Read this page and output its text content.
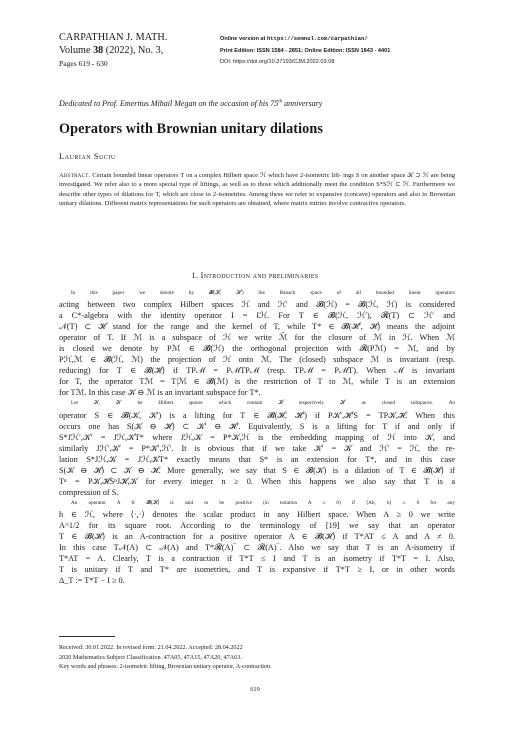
CARPATHIAN J. MATH.
Volume 38 (2022), No. 3,
Pages 619 - 630
Online version at https://semnul.com/carpathian/
Print Edition: ISSN 1584 - 2851; Online Edition: ISSN 1843 - 4401
DOI: https://doi.org/10.37193/CJM.2022.03.08
Dedicated to Prof. Emeritus Mihail Megan on the occasion of his 75th anniversary
Operators with Brownian unitary dilations
Laurian Suciu
Abstract. Certain bounded linear operators T on a complex Hilbert space ℋ which have 2-isometric lift- ings S on another space 𝒦 ⊃ ℋ are being investigated. We refer also to a more special type of liftings, as well as to those which additionally meet the condition S*Sℋ ⊂ ℋ. Furthermore we describe other types of dilations for T, which are close to 2-isometries. Among these we refer to expansive (concave) operators and also to Brownian unitary dilations. Different matrix representations for such operators are obtained, where matrix entries involve contractive operators.
1. Introduction and preliminaries
In this paper we denote by 𝓑(ℋ, ℋ′) the Banach space of all bounded linear operators
acting between two complex Hilbert spaces ℋ and ℋ′ and 𝓑(ℋ) = 𝓑(ℋ, ℋ) is considered
a C*-algebra with the identity operator I = Iℋ. For T ∈ 𝓑(ℋ, ℋ′), 𝓡(T) ⊂ ℋ′ and
𝒩(T) ⊂ ℋ stand for the range and the kernel of T, while T* ∈ 𝓑(ℋ′, ℋ) means the adjoint
operator of T. If ℳ is a subspace of ℋ we write ℳ̄ for the closure of ℳ in ℋ. When ℳ
is closed we denote by Pℳ ∈ 𝓑(ℋ) the orthogonal projection with 𝓡(Pℳ) = ℳ, and by
Pℋ,ℳ ∈ 𝓑(ℋ, ℳ) the projection of ℋ onto ℳ. The (closed) subspace ℳ is invariant (resp.
reducing) for T ∈ 𝓑(ℋ) if TPℳ = PℳTPℳ (resp. TPℳ = PℳT). When ℳ is invariant
for T, the operator Tℳ = T|ℳ ∈ 𝓑(ℳ) is the restriction of T to ℳ, while T is an extension
for Tℳ. In this case 𝒦 ⊖ ℳ is an invariant subspace for T*.
Let 𝒦, 𝒦′ be Hilbert spaces which contain ℋ respectively ℋ′ as closed subspaces. An
operator S ∈ 𝓑(𝒦, 𝒦′) is a lifting for T ∈ 𝓑(ℋ, ℋ′) if P𝒦′,ℋ′S = TP𝒦,ℋ. When this
occurs one has S(𝒦 ⊖ ℋ) ⊂ 𝒦′ ⊖ ℋ′. Equivalently, S is a lifting for T if and only if
S*Jℋ′,𝒦′ = Jℋ,𝒦T* where Jℋ,𝒦 = P*𝒦,ℋ is the embedding mapping of ℋ into 𝒦, and
similarly Jℋ′,𝒦′ = P*𝒦′,ℋ′. It is obvious that if we take 𝒦′ = 𝒦 and ℋ′ = ℋ, the re-
lation S*Jℋ,𝒦 = Jℋ,𝒦T* exactly means that S* is an extension for T*, and in this case
S(𝒦 ⊖ ℋ) ⊂ 𝒦 ⊖ ℋ. More generally, we say that S ∈ 𝓑(𝒦) is a dilation of T ∈ 𝓑(ℋ) if
Tⁿ = P𝒦,ℋSⁿJℋ,𝒦 for every integer n ≥ 0. When this happens we also say that T is a
compression of S.
An operator A ∈ 𝓑(ℋ) is said to be positive (in notation A ≥ 0) if ⟨Ah, h⟩ ≥ 0 for any
h ∈ ℋ, where ⟨·,·⟩ denotes the scalar product in any Hilbert space. When A ≥ 0 we write
A^1/2 for its square root. According to the terminology of [19] we say that an operator
T ∈ 𝓑(ℋ) is an A-contraction for a positive operator A ∈ 𝓑(ℋ) if T*AT ≤ A and A ≠ 0.
In this case T𝒩(A) ⊂ 𝒩(A) and T*𝓡(A)‾ ⊂ 𝓡(A)‾. Also we say that T is an A-isometry if
T*AT = A. Clearly, T is a contraction if T*T ≤ I and T is an isometry if T*T = I. Also,
T is unitary if T and T* are isometries, and T is expansive if T*T ≥ I, or in other words
Δ_T := T*T − I ≥ 0.
Received: 30.01.2022. In revised form: 21.04.2022. Accepted: 28.04.2022
2020 Mathematics Subject Classification. 47A05, 47A15, 47A20, 47A63.
Key words and phrases. 2-isometric lifting, Brownian unitary operator, A-contraction.
619
